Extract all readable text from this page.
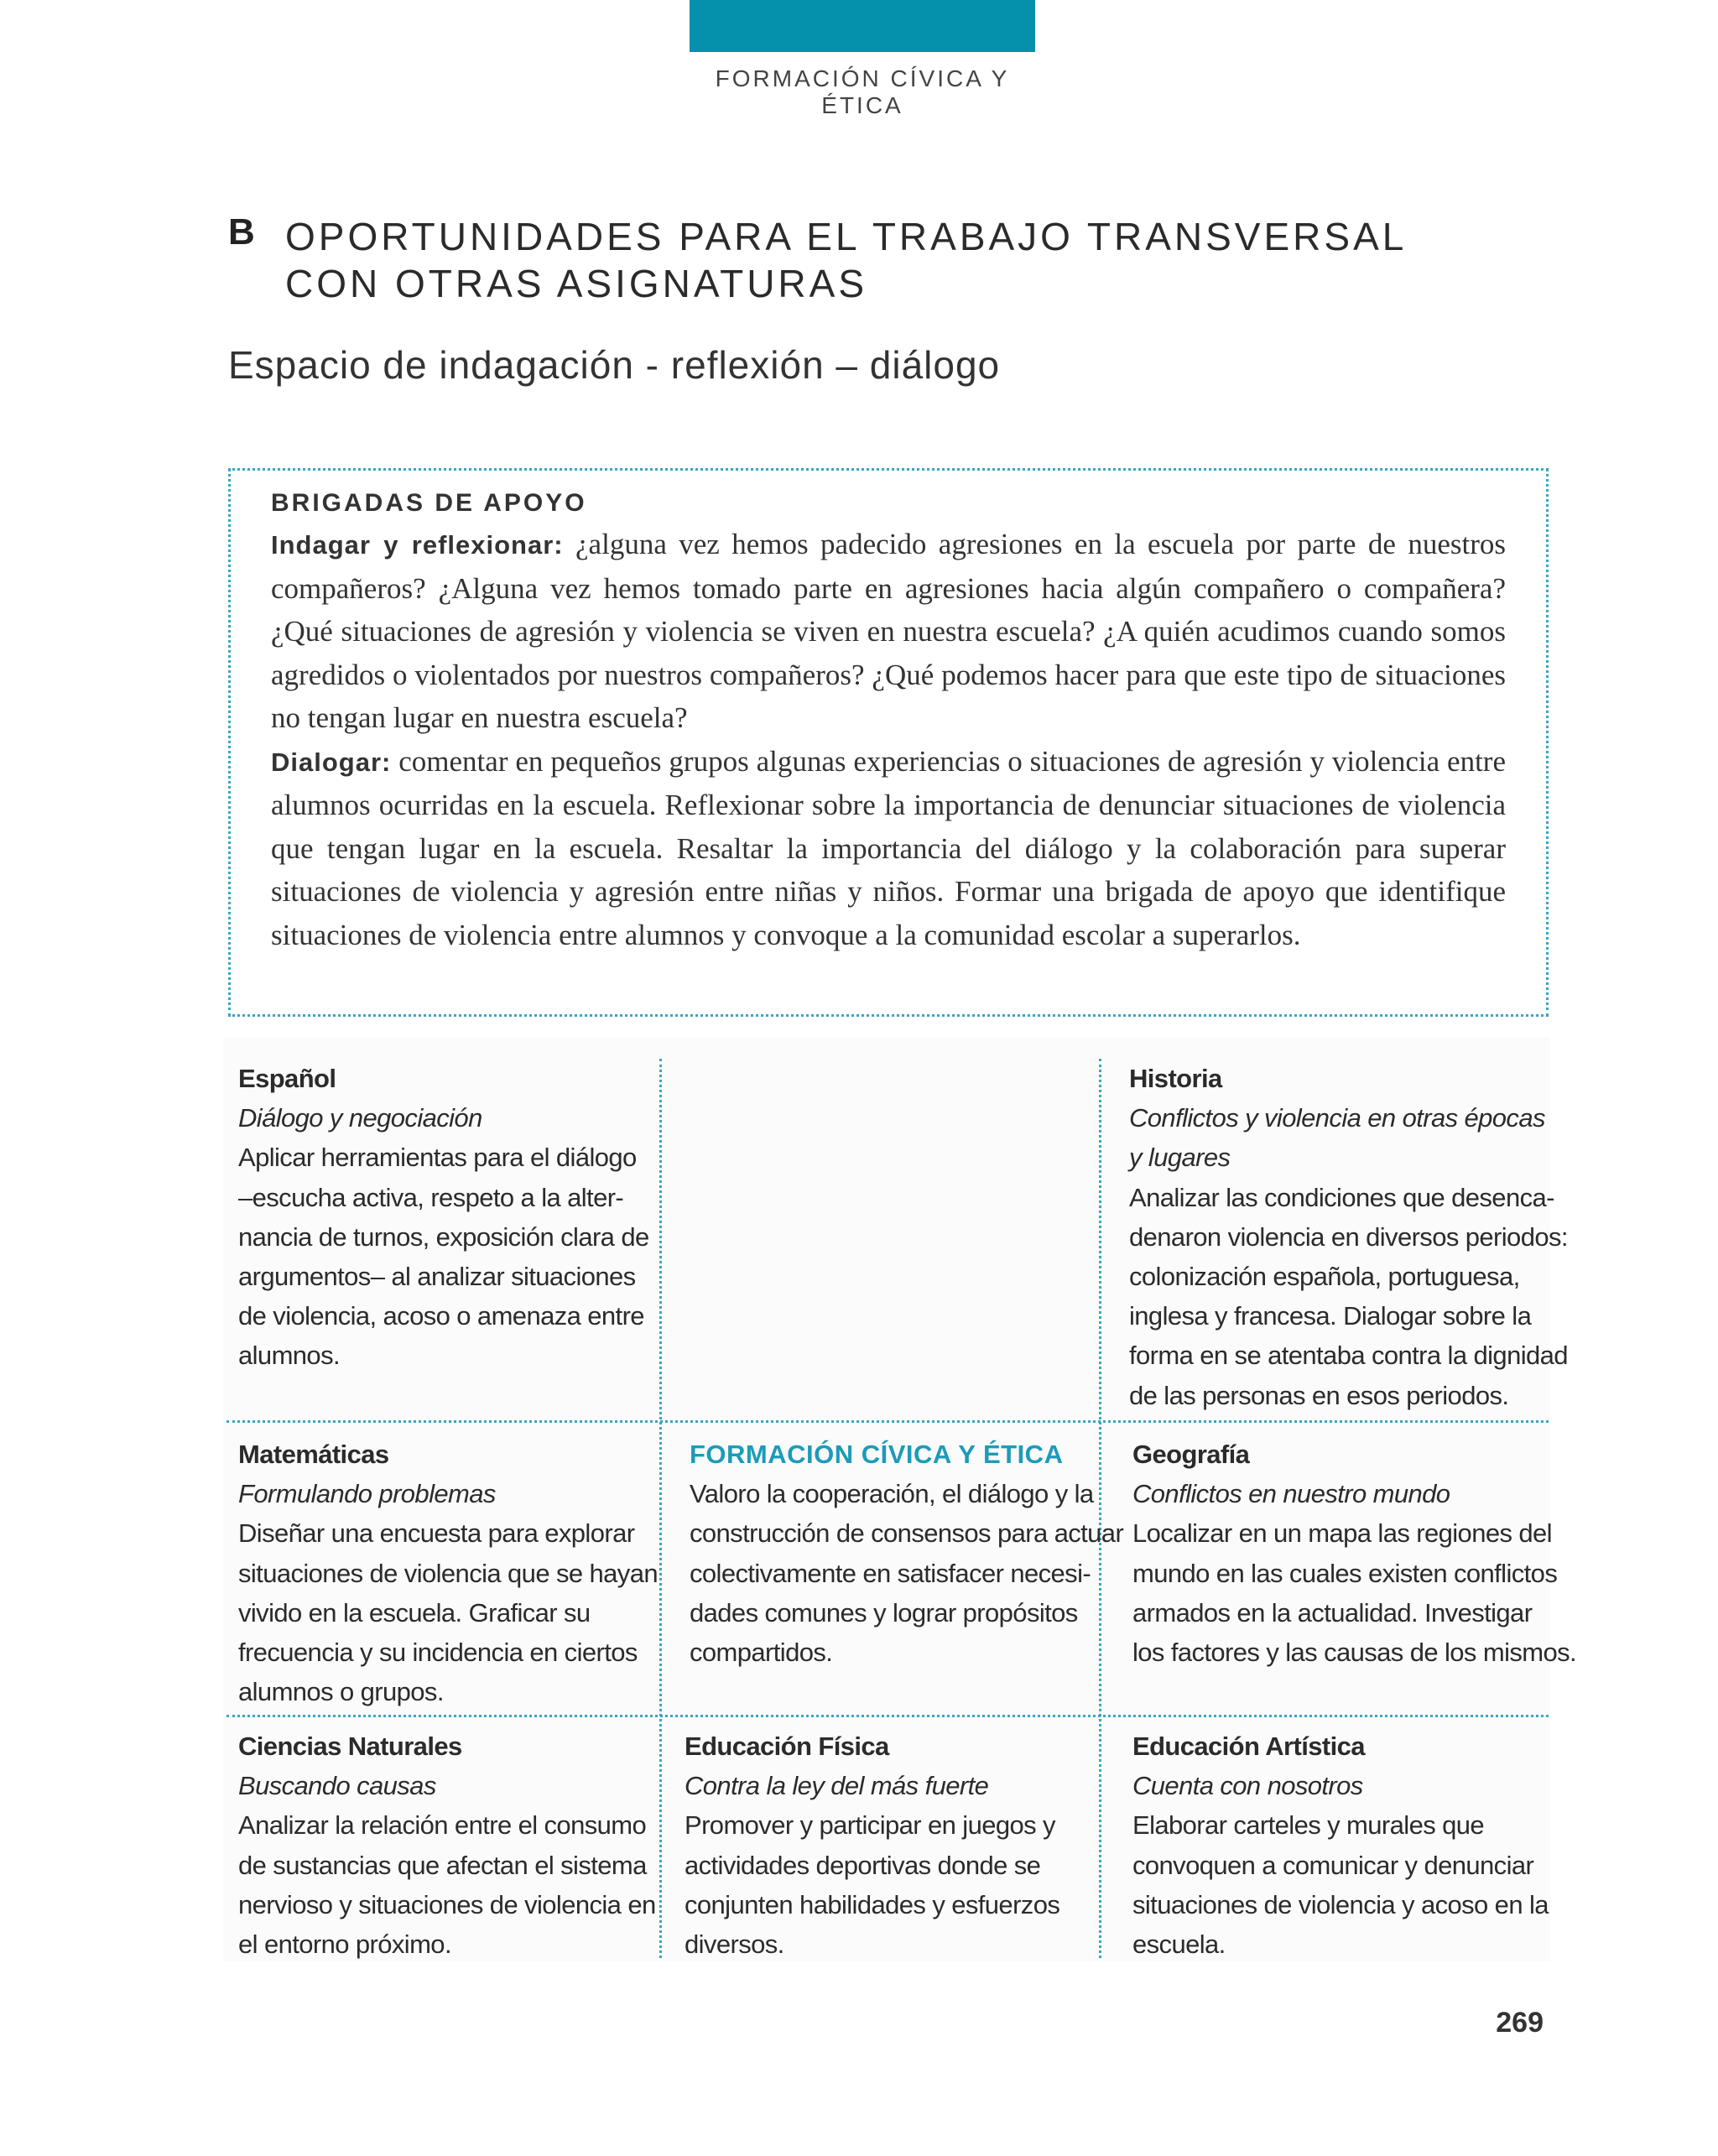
FORMACIÓN CÍVICA Y ÉTICA
B OPORTUNIDADES PARA EL TRABAJO TRANSVERSAL
CON OTRAS ASIGNATURAS
Espacio de indagación - reflexión – diálogo
BRIGADAS DE APOYO

Indagar y reflexionar: ¿alguna vez hemos padecido agresiones en la escuela por parte de nuestros compañeros? ¿Alguna vez hemos tomado parte en agresiones hacia algún compañero o compañera? ¿Qué situaciones de agresión y violencia se viven en nuestra escuela? ¿A quién acudimos cuando somos agredidos o violentados por nuestros compañeros? ¿Qué podemos hacer para que este tipo de situaciones no tengan lugar en nuestra escuela?

Dialogar: comentar en pequeños grupos algunas experiencias o situaciones de agresión y violencia entre alumnos ocurridas en la escuela. Reflexionar sobre la importancia de denunciar situaciones de violencia que tengan lugar en la escuela. Resaltar la importancia del diálogo y la colaboración para superar situaciones de violencia y agresión entre niñas y niños. Formar una brigada de apoyo que identifique situaciones de violencia entre alumnos y convoque a la comunidad escolar a superarlos.

Español
Diálogo y negociación
Aplicar herramientas para el diálogo
–escucha activa, respeto a la alter-
nancia de turnos, exposición clara de
argumentos– al analizar situaciones
de violencia, acoso o amenaza entre
alumnos.
Historia
Conflictos y violencia en otras épocas
y lugares
Analizar las condiciones que desenca-
denaron violencia en diversos periodos:
colonización española, portuguesa,
inglesa y francesa. Dialogar sobre la
forma en se atentaba contra la dignidad
de las personas en esos periodos.
Matemáticas
Formulando problemas
Diseñar una encuesta para explorar
situaciones de violencia que se hayan
vivido en la escuela. Graficar su
frecuencia y su incidencia en ciertos
alumnos o grupos.
FORMACIÓN CÍVICA Y ÉTICA
Valoro la cooperación, el diálogo y la
construcción de consensos para actuar
colectivamente en satisfacer necesi-
dades comunes y lograr propósitos
compartidos.
Geografía
Conflictos en nuestro mundo
Localizar en un mapa las regiones del
mundo en las cuales existen conflictos
armados en la actualidad. Investigar
los factores y las causas de los mismos.
Ciencias Naturales
Buscando causas
Analizar la relación entre el consumo
de sustancias que afectan el sistema
nervioso y situaciones de violencia en
el entorno próximo.
Educación Física
Contra la ley del más fuerte
Promover y participar en juegos y
actividades deportivas donde se
conjunten habilidades y esfuerzos
diversos.
Educación Artística
Cuenta con nosotros
Elaborar carteles y murales que
convoquen a comunicar y denunciar
situaciones de violencia y acoso en la
escuela.
269
